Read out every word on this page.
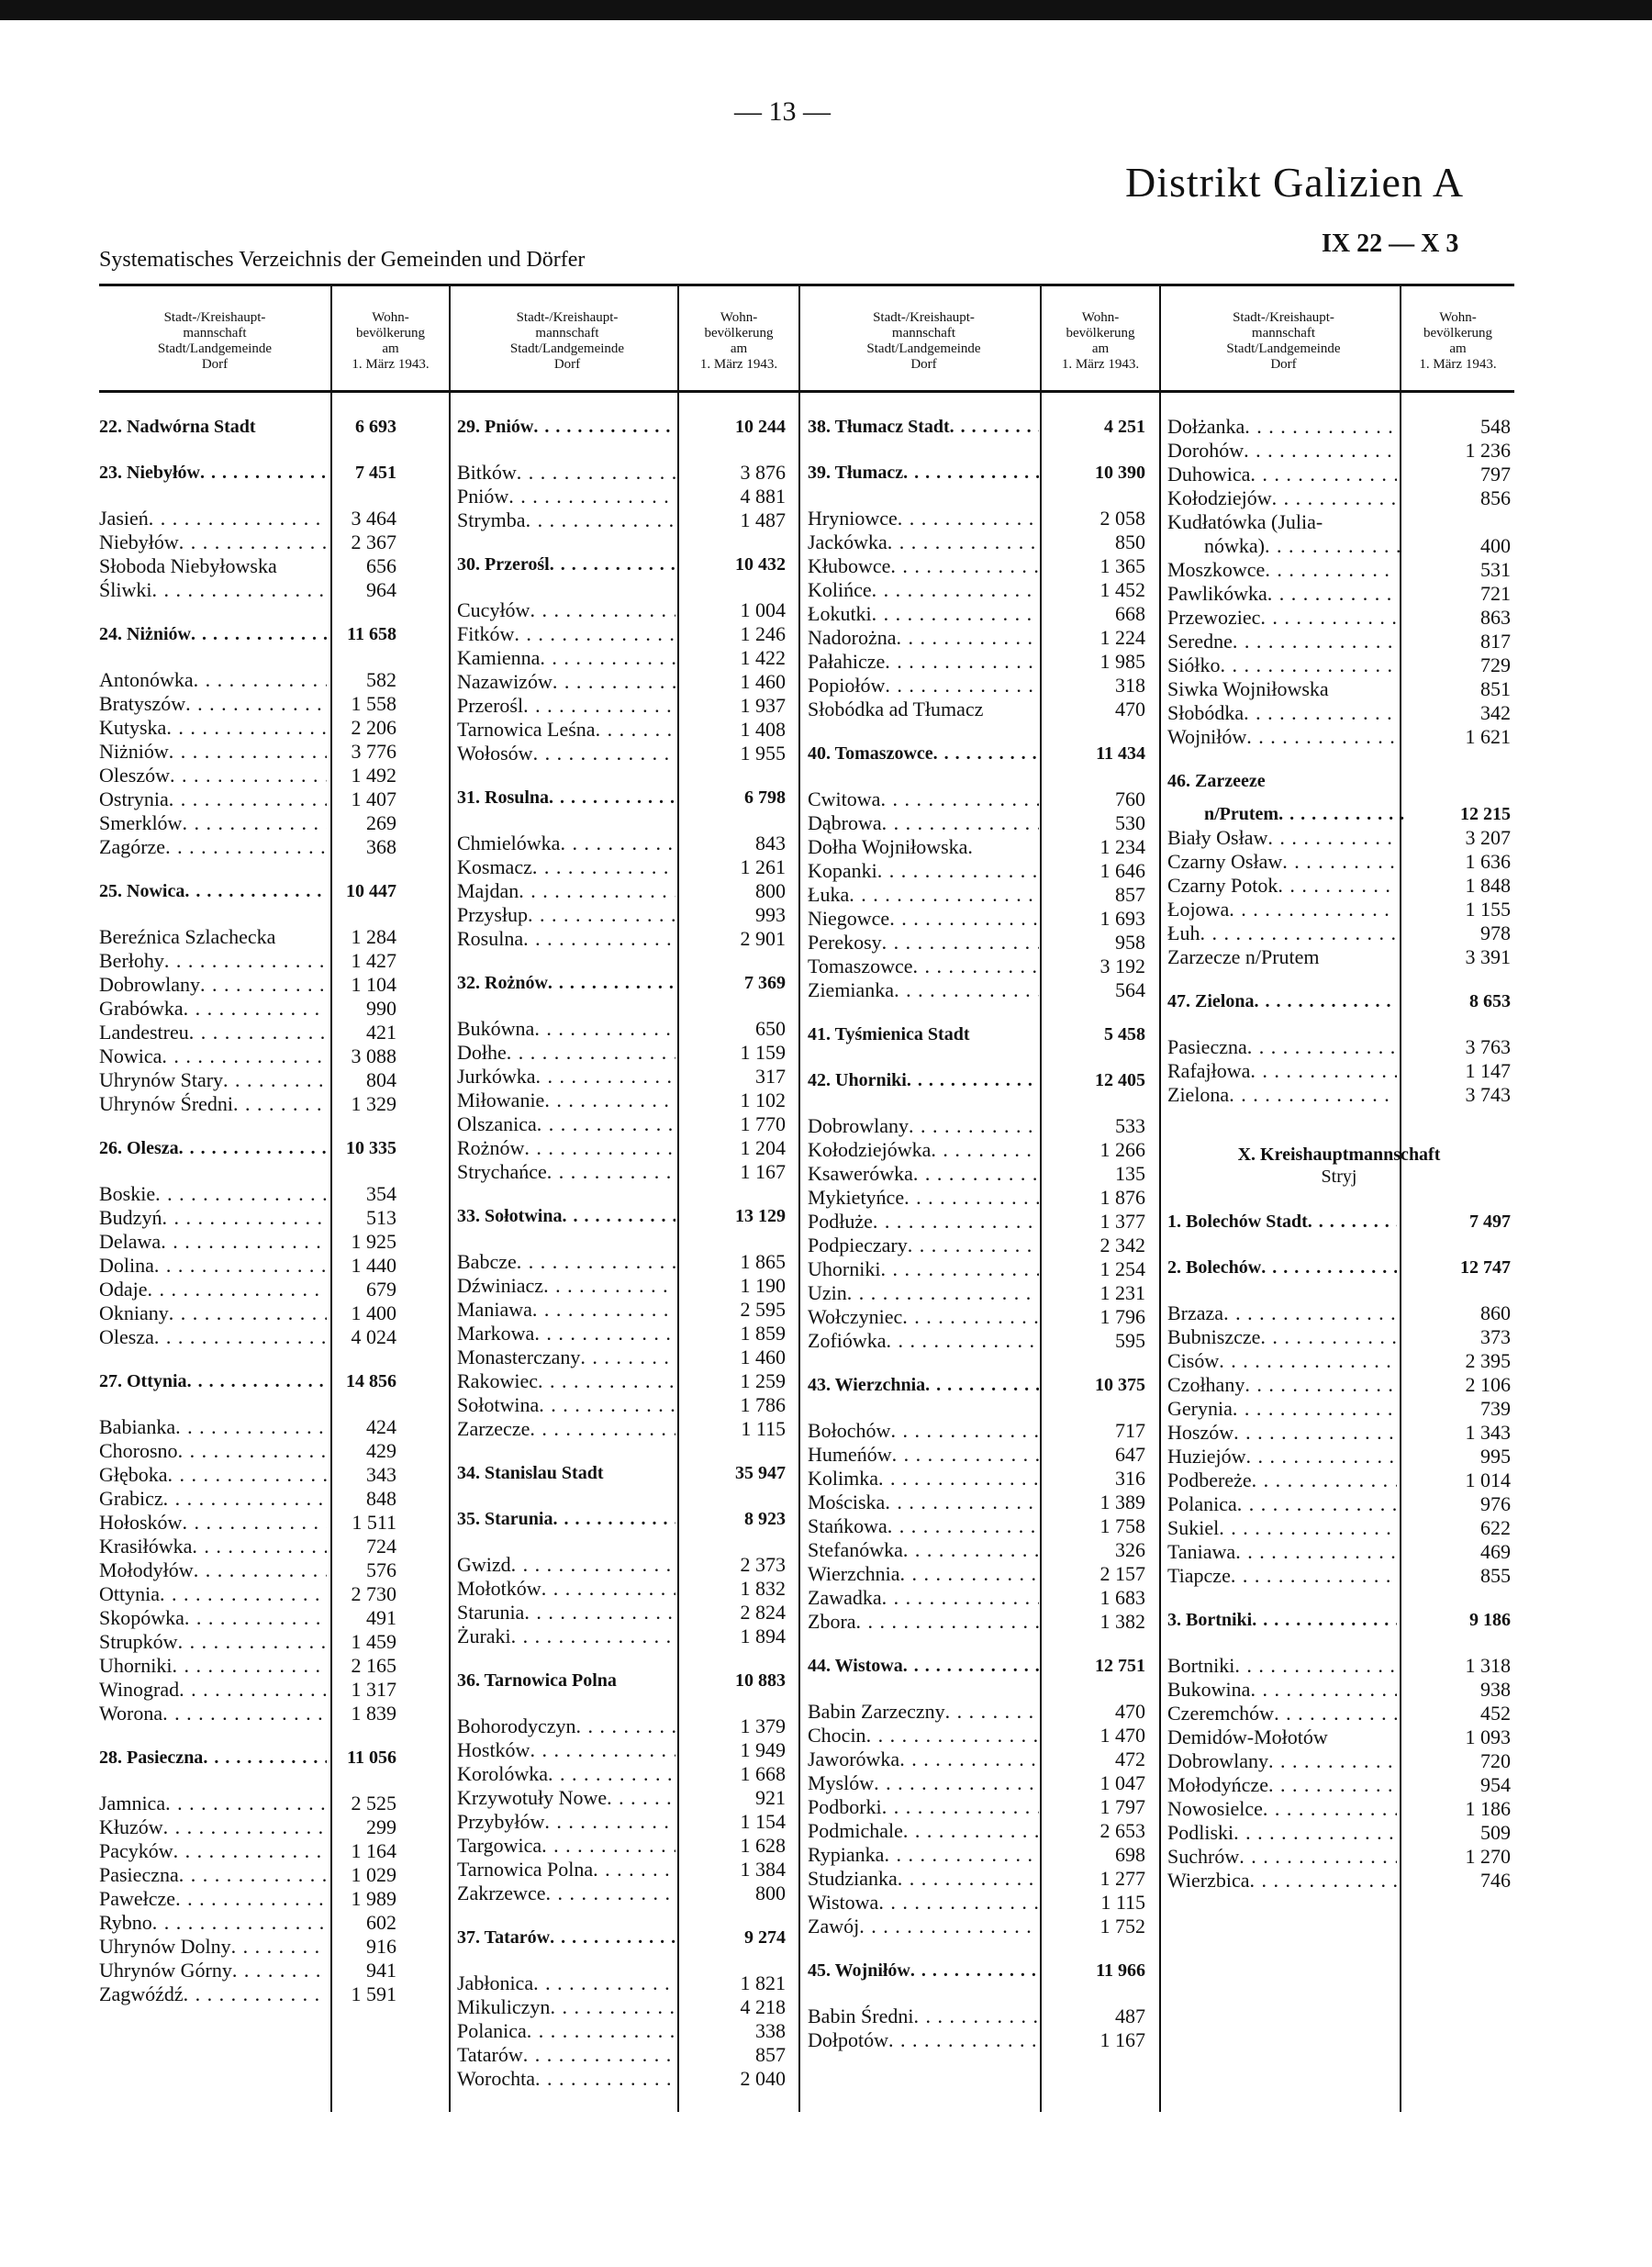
— 13 —
Distrikt Galizien A
IX 22 — X 3
Systematisches Verzeichnis der Gemeinden und Dörfer
Stadt-/Kreishaupt-
mannschaft
Stadt/Landgemeinde
Dorf
Wohn-
bevölkerung
am
1. März 1943.
Stadt-/Kreishaupt-
mannschaft
Stadt/Landgemeinde
Dorf
Wohn-
bevölkerung
am
1. März 1943.
Stadt-/Kreishaupt-
mannschaft
Stadt/Landgemeinde
Dorf
Wohn-
bevölkerung
am
1. März 1943.
Stadt-/Kreishaupt-
mannschaft
Stadt/Landgemeinde
Dorf
Wohn-
bevölkerung
am
1. März 1943.
22. Nadwórna Stadt	6 693
23. Niebyłów . . .	7 451
Jasień . . .	3 464
Niebyłów . . .	2 367
Słoboda Niebyłowska	656
Śliwki . . .	964
24. Niżniów . . .	11 658
Antonówka . . .	582
Bratyszów . . .	1 558
Kutyska . . .	2 206
Niżniów . . .	3 776
Oleszów . . .	1 492
Ostrynia . . .	1 407
Smerklów . . .	269
Zagórze . . .	368
25. Nowica . . .	10 447
Bereźnica Szlachecka	1 284
Berłohy . . .	1 427
Dobrowlany . . .	1 104
Grabówka . . .	990
Landestreu . . .	421
Nowica . . .	3 088
Uhrynów Stary . . .	804
Uhrynów Średni . . .	1 329
26. Olesza . . .	10 335
Boskie . . .	354
Budzyń . . .	513
Delawa . . .	1 925
Dolina . . .	1 440
Odaje . . .	679
Okniany . . .	1 400
Olesza . . .	4 024
27. Ottynia . . .	14 856
Babianka . . .	424
Chorosno . . .	429
Głęboka . . .	343
Grabicz . . .	848
Hołosków . . .	1 511
Krasiłówka . . .	724
Mołodyłów . . .	576
Ottynia . . .	2 730
Skopówka . . .	491
Strupków . . .	1 459
Uhorniki . . .	2 165
Winograd . . .	1 317
Worona . . .	1 839
28. Pasieczna . . .	11 056
Jamnica . . .	2 525
Kłuzów . . .	299
Pacyków . . .	1 164
Pasieczna . . .	1 029
Pawełcze . . .	1 989
Rybno . . .	602
Uhrynów Dolny . . .	916
Uhrynów Górny . . .	941
Zagwóźdź . . .	1 591
29. Pniów . . .	10 244
Bitków . . .	3 876
Pniów . . .	4 881
Strymba . . .	1 487
30. Przerośl . . .	10 432
Cucyłów . . .	1 004
Fitków . . .	1 246
Kamienna . . .	1 422
Nazawizów . . .	1 460
Przerośl . . .	1 937
Tarnowica Leśna . . .	1 408
Wołosów . . .	1 955
31. Rosulna . . .	6 798
Chmielówka . . .	843
Kosmacz . . .	1 261
Majdan . . .	800
Przysłup . . .	993
Rosulna . . .	2 901
32. Rożnów . . .	7 369
Bukówna . . .	650
Dołhe . . .	1 159
Jurkówka . . .	317
Miłowanie . . .	1 102
Olszanica . . .	1 770
Rożnów . . .	1 204
Strychańce . . .	1 167
33. Sołotwina . . .	13 129
Babcze . . .	1 865
Dźwiniacz . . .	1 190
Maniawa . . .	2 595
Markowa . . .	1 859
Monasterczany . . .	1 460
Rakowiec . . .	1 259
Sołotwina . . .	1 786
Zarzecze . . .	1 115
34. Stanislau Stadt	35 947
35. Starunia . . .	8 923
Gwizd . . .	2 373
Mołotków . . .	1 832
Starunia . . .	2 824
Żuraki . . .	1 894
36. Tarnowica Polna	10 883
Bohorodyczyn . . .	1 379
Hostków . . .	1 949
Korolówka . . .	1 668
Krzywotuły Nowe . . .	921
Przybyłów . . .	1 154
Targowica . . .	1 628
Tarnowica Polna . . .	1 384
Zakrzewce . . .	800
37. Tatarów . . .	9 274
Jabłonica . . .	1 821
Mikuliczyn . . .	4 218
Polanica . . .	338
Tatarów . . .	857
Worochta . . .	2 040
38. Tłumacz Stadt . . .	4 251
39. Tłumacz . . .	10 390
Hryniowce . . .	2 058
Jackówka . . .	850
Kłubowce . . .	1 365
Kolińce . . .	1 452
Łokutki . . .	668
Nadorożna . . .	1 224
Pałahicze . . .	1 985
Popiołów . . .	318
Słobódka ad Tłumacz	470
40. Tomaszowce . . .	11 434
Cwitowa . . .	760
Dąbrowa . . .	530
Dołha Wojniłowska.	1 234
Kopanki . . .	1 646
Łuka . . .	857
Niegowce . . .	1 693
Perekosy . . .	958
Tomaszowce . . .	3 192
Ziemianka . . .	564
41. Tyśmienica Stadt	5 458
42. Uhorniki . . .	12 405
Dobrowlany . . .	533
Kołodziejówka . . .	1 266
Ksawerówka . . .	135
Mykietyńce . . .	1 876
Podłuże . . .	1 377
Podpieczary . . .	2 342
Uhorniki . . .	1 254
Uzin . . .	1 231
Wołczyniec . . .	1 796
Zofiówka . . .	595
43. Wierzchnia . . .	10 375
Bołochów . . .	717
Humeńów . . .	647
Kolimka . . .	316
Mościska . . .	1 389
Stańkowa . . .	1 758
Stefanówka . . .	326
Wierzchnia . . .	2 157
Zawadka . . .	1 683
Zbora . . .	1 382
44. Wistowa . . .	12 751
Babin Zarzeczny . . .	470
Chocin . . .	1 470
Jaworówka . . .	472
Myslów . . .	1 047
Podborki . . .	1 797
Podmichale . . .	2 653
Rypianka . . .	698
Studzianka . . .	1 277
Wistowa . . .	1 115
Zawój . . .	1 752
45. Wojniłów . . .	11 966
Babin Średni . . .	487
Dołpotów . . .	1 167
Dołżanka . . .	548
Dorohów . . .	1 236
Duhowica . . .	797
Kołodziejów . . .	856
Kudłatówka (Julia-
nówka) . . .	400
Moszkowce . . .	531
Pawlikówka . . .	721
Przewoziec . . .	863
Seredne . . .	817
Siółko . . .	729
Siwka Wojniłowska	851
Słobódka . . .	342
Wojniłów . . .	1 621
46. Zarzeeze
n/Prutem . . .	12 215
Biały Osław . . .	3 207
Czarny Osław . . .	1 636
Czarny Potok . . .	1 848
Łojowa . . .	1 155
Łuh . . .	978
Zarzecze n/Prutem	3 391
47. Zielona . . .	8 653
Pasieczna . . .	3 763
Rafajłowa . . .	1 147
Zielona . . .	3 743
X. Kreishauptmannschaft
Stryj
1. Bolechów Stadt . . .	7 497
2. Bolechów . . .	12 747
Brzaza . . .	860
Bubniszcze . . .	373
Cisów . . .	2 395
Czołhany . . .	2 106
Gerynia . . .	739
Hoszów . . .	1 343
Huziejów . . .	995
Podbereże . . .	1 014
Polanica . . .	976
Sukiel . . .	622
Taniawa . . .	469
Tiapcze . . .	855
3. Bortniki . . .	9 186
Bortniki . . .	1 318
Bukowina . . .	938
Czeremchów . . .	452
Demidów-Mołotów	1 093
Dobrowlany . . .	720
Mołodyńcze . . .	954
Nowosielce . . .	1 186
Podliski . . .	509
Suchrów . . .	1 270
Wierzbica . . .	746
